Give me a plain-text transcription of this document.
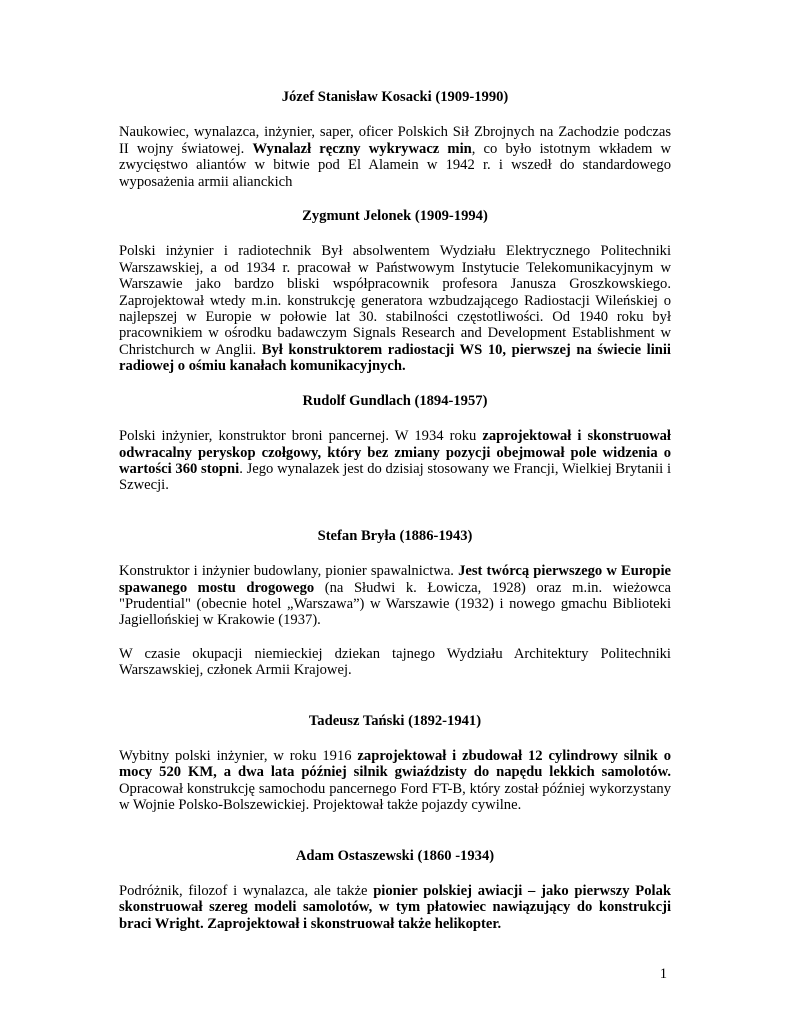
Józef Stanisław Kosacki (1909-1990)

Naukowiec, wynalazca, inżynier, saper, oficer Polskich Sił Zbrojnych na Zachodzie podczas II wojny światowej. Wynalazł ręczny wykrywacz min, co było istotnym wkładem w zwycięstwo aliantów w bitwie pod El Alamein w 1942 r. i wszedł do standardowego wyposażenia armii alianckich

Zygmunt Jelonek (1909-1994)

Polski inżynier i radiotechnik Był absolwentem Wydziału Elektrycznego Politechniki Warszawskiej, a od 1934 r. pracował w Państwowym Instytucie Telekomunikacyjnym w Warszawie jako bardzo bliski współpracownik profesora Janusza Groszkowskiego. Zaprojektował wtedy m.in. konstrukcję generatora wzbudzającego Radiostacji Wileńskiej o najlepszej w Europie w połowie lat 30. stabilności częstotliwości. Od 1940 roku był pracownikiem w ośrodku badawczym Signals Research and Development Establishment w Christchurch w Anglii. Był konstruktorem radiostacji WS 10, pierwszej na świecie linii radiowej o ośmiu kanałach komunikacyjnych.

Rudolf Gundlach (1894-1957)

Polski inżynier, konstruktor broni pancernej. W 1934 roku zaprojektował i skonstruował odwracalny peryskop czołgowy, który bez zmiany pozycji obejmował pole widzenia o wartości 360 stopni. Jego wynalazek jest do dzisiaj stosowany we Francji, Wielkiej Brytanii i Szwecji.

Stefan Bryła (1886-1943)

Konstruktor i inżynier budowlany, pionier spawalnictwa. Jest twórcą pierwszego w Europie spawanego mostu drogowego (na Słudwi k. Łowicza, 1928) oraz m.in. wieżowca "Prudential" (obecnie hotel „Warszawa”) w Warszawie (1932) i nowego gmachu Biblioteki Jagiellońskiej w Krakowie (1937).

W czasie okupacji niemieckiej dziekan tajnego Wydziału Architektury Politechniki Warszawskiej, członek Armii Krajowej.

Tadeusz Tański (1892-1941)

Wybitny polski inżynier, w roku 1916 zaprojektował i zbudował 12 cylindrowy silnik o mocy 520 KM, a dwa lata później silnik gwiaździsty do napędu lekkich samolotów. Opracował konstrukcję samochodu pancernego Ford FT-B, który został później wykorzystany w Wojnie Polsko-Bolszewickiej. Projektował także pojazdy cywilne.

Adam Ostaszewski (1860 -1934)

Podróżnik, filozof i wynalazca, ale także pionier polskiej awiacji – jako pierwszy Polak skonstruował szereg modeli samolotów, w tym płatowiec nawiązujący do konstrukcji braci Wright. Zaprojektował i skonstruował także helikopter.

1
